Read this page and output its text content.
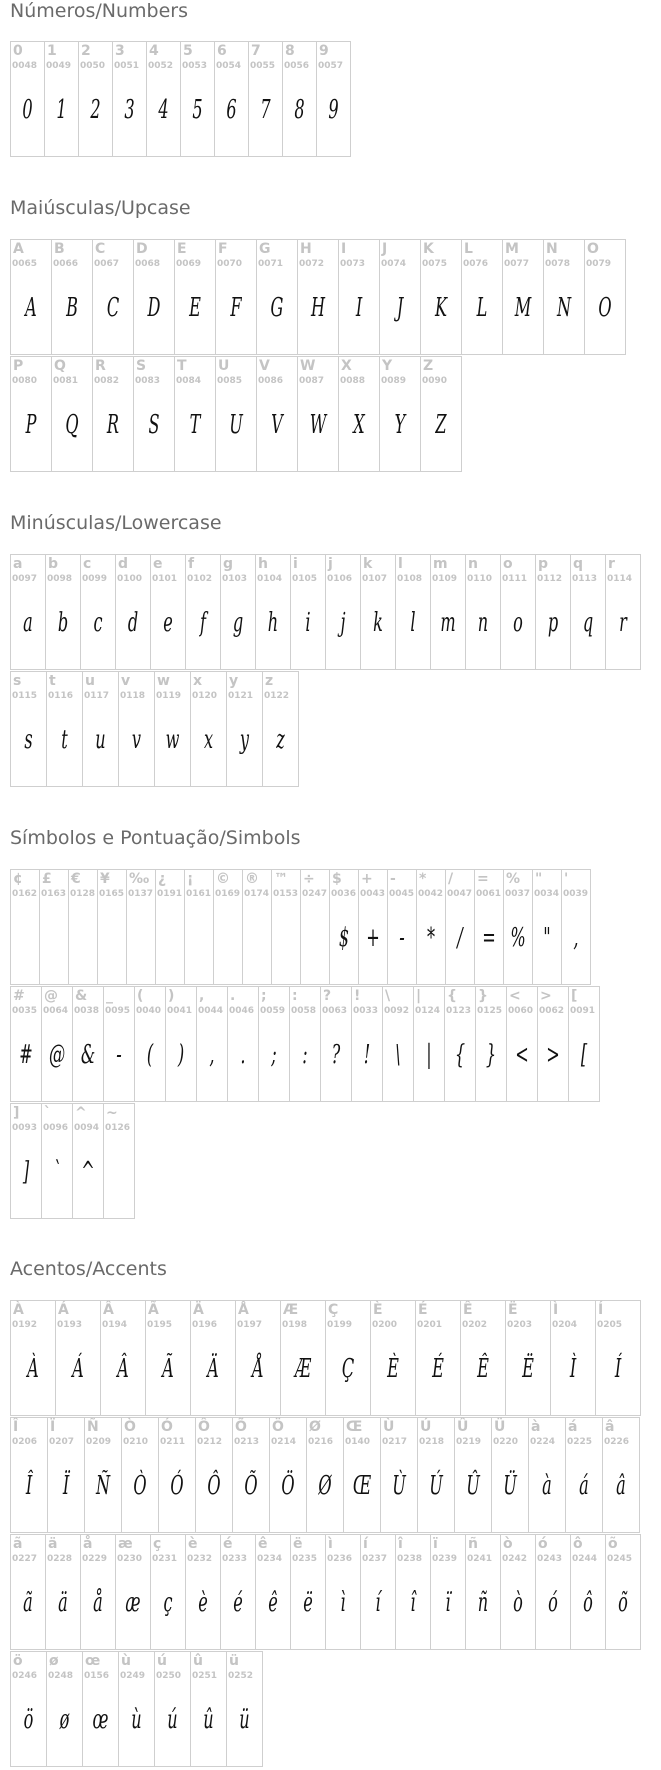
Números/Numbers
0
0048
0
1
0049
1
2
0050
2
3
0051
3
4
0052
4
5
0053
5
6
0054
6
7
0055
7
8
0056
8
9
0057
9
Maiúsculas/Upcase
A
0065
A
B
0066
B
C
0067
C
D
0068
D
E
0069
E
F
0070
F
G
0071
G
H
0072
H
I
0073
I
J
0074
J
K
0075
K
L
0076
L
M
0077
M
N
0078
N
O
0079
O
P
0080
P
Q
0081
Q
R
0082
R
S
0083
S
T
0084
T
U
0085
U
V
0086
V
W
0087
W
X
0088
X
Y
0089
Y
Z
0090
Z
Minúsculas/Lowercase
a
0097
a
b
0098
b
c
0099
c
d
0100
d
e
0101
e
f
0102
f
g
0103
g
h
0104
h
i
0105
i
j
0106
j
k
0107
k
l
0108
l
m
0109
m
n
0110
n
o
0111
o
p
0112
p
q
0113
q
r
0114
r
s
0115
s
t
0116
t
u
0117
u
v
0118
v
w
0119
w
x
0120
x
y
0121
y
z
0122
z
Símbolos e Pontuação/Simbols
¢
0162
£
0163
€
0128
¥
0165
‰
0137
¿
0191
¡
0161
©
0169
®
0174
™
0153
÷
0247
$
0036
$
+
0043
+
-
0045
-
*
0042
*
/
0047
/
=
0061
=
%
0037
%
"
0034
"
'
0039
,
#
0035
#
@
0064
@
&
0038
&
_
0095
-
(
0040
(
)
0041
)
,
0044
,
.
0046
.
;
0059
;
:
0058
:
?
0063
?
!
0033
!
\
0092
\
|
0124
|
{
0123
{
}
0125
}
<
0060
<
>
0062
>
[
0091
[
]
0093
]
`
0096
`
^
0094
^
~
0126
Acentos/Accents
À
0192
À
Á
0193
Á
Â
0194
Â
Ã
0195
Ã
Ä
0196
Ä
Å
0197
Å
Æ
0198
Æ
Ç
0199
Ç
È
0200
È
É
0201
É
Ê
0202
Ê
Ë
0203
Ë
Ì
0204
Ì
Í
0205
Í
Î
0206
Î
Ï
0207
Ï
Ñ
0209
Ñ
Ò
0210
Ò
Ó
0211
Ó
Ô
0212
Ô
Õ
0213
Õ
Ö
0214
Ö
Ø
0216
Ø
Œ
0140
Œ
Ù
0217
Ù
Ú
0218
Ú
Û
0219
Û
Ü
0220
Ü
à
0224
à
á
0225
á
â
0226
â
ã
0227
ã
ä
0228
ä
å
0229
å
æ
0230
æ
ç
0231
ç
è
0232
è
é
0233
é
ê
0234
ê
ë
0235
ë
ì
0236
ì
í
0237
í
î
0238
î
ï
0239
ï
ñ
0241
ñ
ò
0242
ò
ó
0243
ó
ô
0244
ô
õ
0245
õ
ö
0246
ö
ø
0248
ø
œ
0156
œ
ù
0249
ù
ú
0250
ú
û
0251
û
ü
0252
ü
